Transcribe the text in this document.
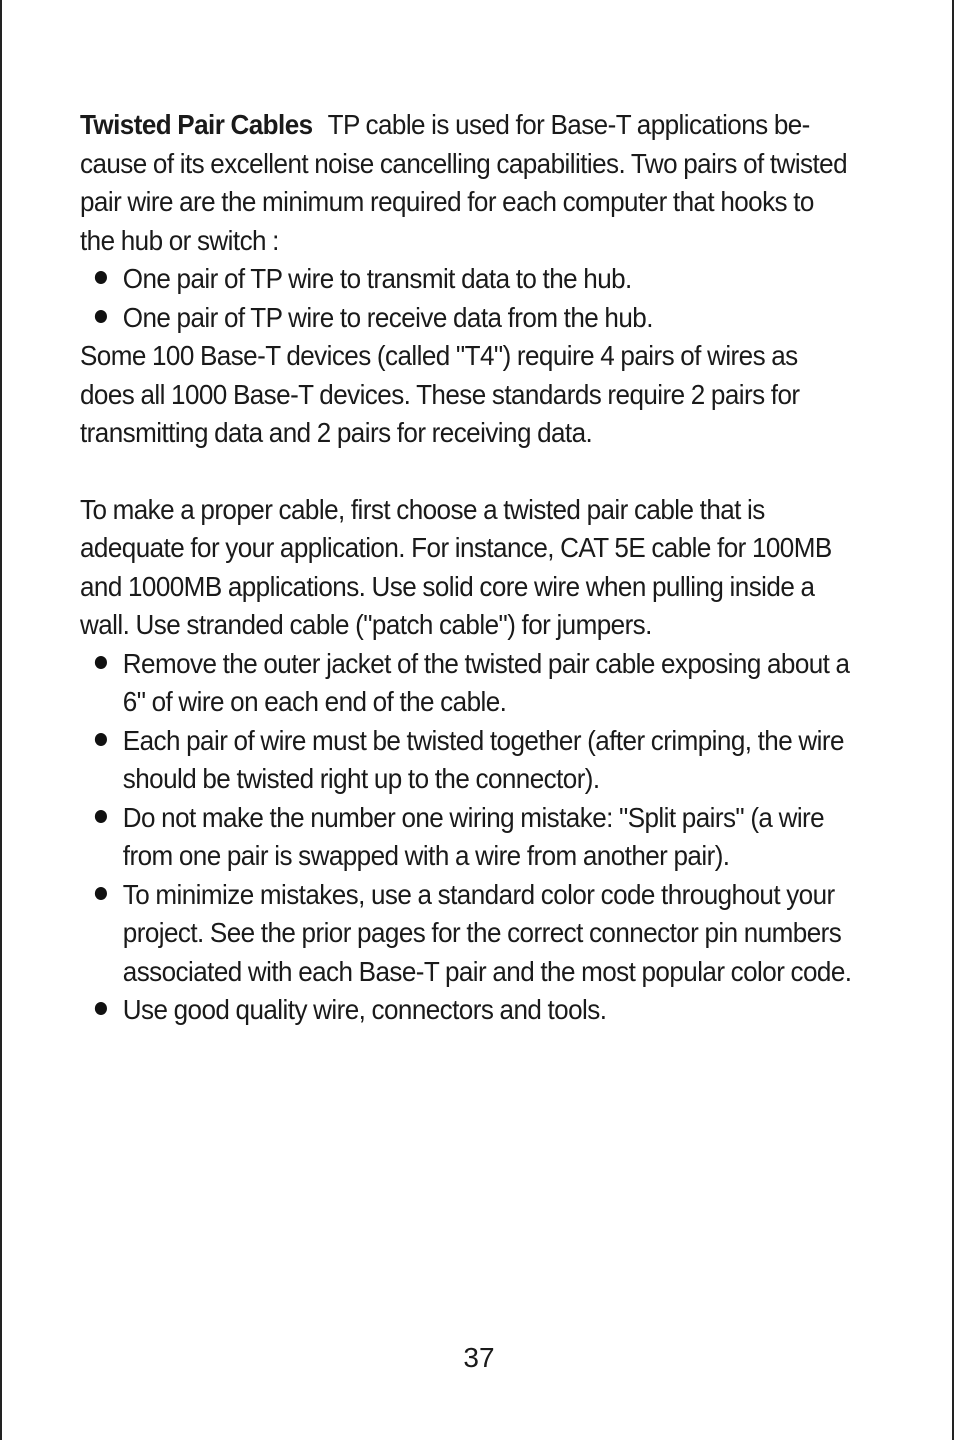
Twisted Pair Cables TP cable is used for Base-T applications be-cause of its excellent noise cancelling capabilities. Two pairs of twisted pair wire are the minimum required for each computer that hooks to the hub or switch :

One pair of TP wire to transmit data to the hub.
One pair of TP wire to receive data from the hub.

Some 100 Base-T devices (called "T4") require 4 pairs of wires as does all 1000 Base-T devices. These standards require 2 pairs for transmitting data and 2 pairs for receiving data.

To make a proper cable, first choose a twisted pair cable that is adequate for your application. For instance, CAT 5E cable for 100MB and 1000MB applications. Use solid core wire when pulling inside a wall. Use stranded cable ("patch cable") for jumpers.

Remove the outer jacket of the twisted pair cable exposing about a 6" of wire on each end of the cable.
Each pair of wire must be twisted together (after crimping, the wire should be twisted right up to the connector).
Do not make the number one wiring mistake: "Split pairs" (a wire from one pair is swapped with a wire from another pair).
To minimize mistakes, use a standard color code throughout your project. See the prior pages for the correct connector pin numbers associated with each Base-T pair and the most popular color code.
Use good quality wire, connectors and tools.
37
